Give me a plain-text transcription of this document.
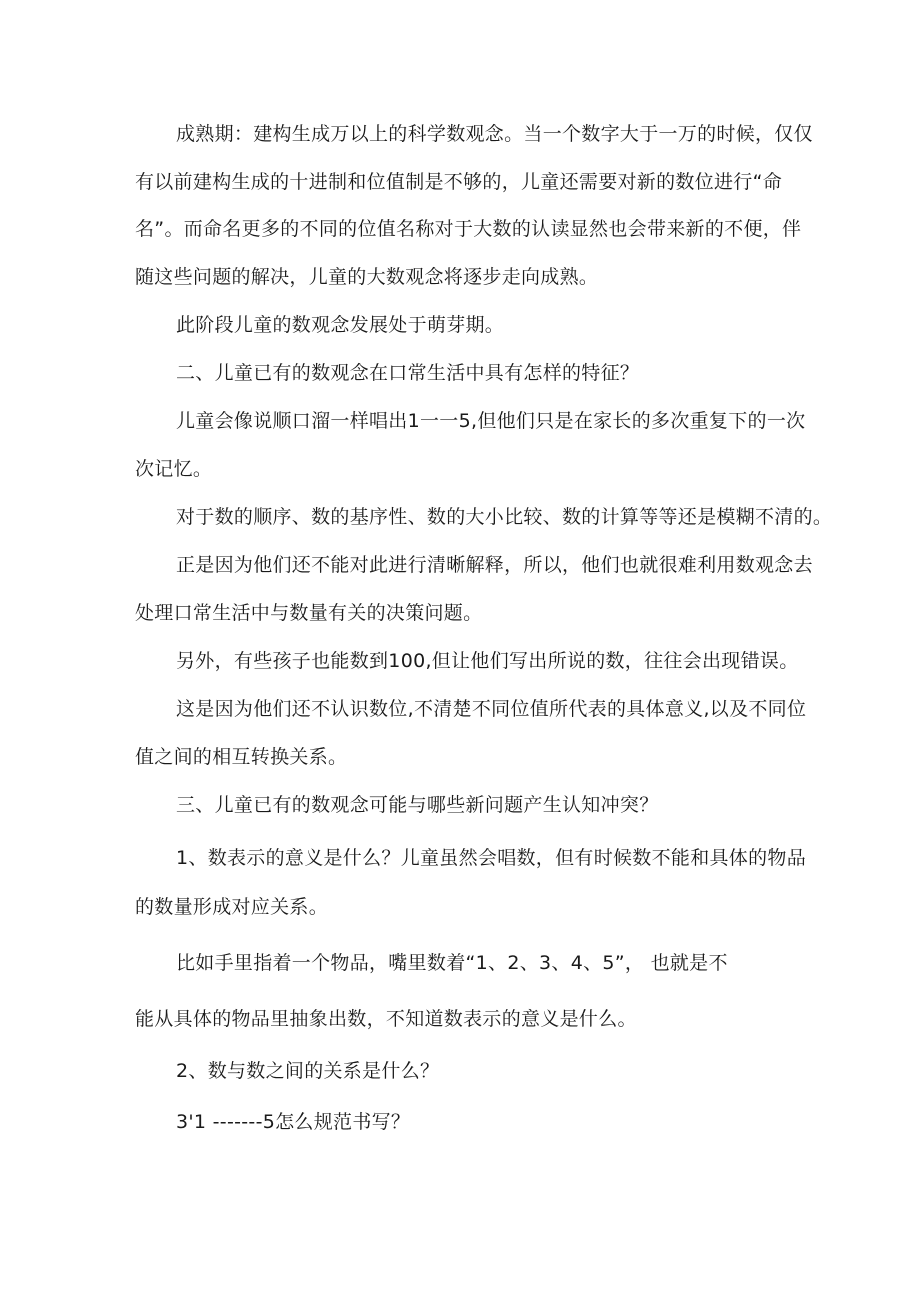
成熟期：建构生成万以上的科学数观念。当一个数字大于一万的时候，仅仅

有以前建构生成的十进制和位值制是不够的，儿童还需要对新的数位进行“命

名”。而命名更多的不同的位值名称对于大数的认读显然也会带来新的不便，伴

随这些问题的解决，儿童的大数观念将逐步走向成熟。

此阶段儿童的数观念发展处于萌芽期。

二、儿童已有的数观念在口常生活中具有怎样的特征？

儿童会像说顺口溜一样唱出1一一5,但他们只是在家长的多次重复下的一次

次记忆。

对于数的顺序、数的基序性、数的大小比较、数的计算等等还是模糊不清的。

正是因为他们还不能对此进行清晰解释，所以，他们也就很难利用数观念去

处理口常生活中与数量有关的决策问题。

另外，有些孩子也能数到100,但让他们写出所说的数，往往会出现错误。

这是因为他们还不认识数位,不清楚不同位值所代表的具体意义,以及不同位

值之间的相互转换关系。

三、儿童已有的数观念可能与哪些新问题产生认知冲突？

1、数表示的意义是什么？儿童虽然会唱数，但有时候数不能和具体的物品

的数量形成对应关系。

比如手里指着一个物品，嘴里数着“1、2、3、4、5”， 也就是不

能从具体的物品里抽象出数，不知道数表示的意义是什么。

2、数与数之间的关系是什么？

3'1 -------5怎么规范书写？
